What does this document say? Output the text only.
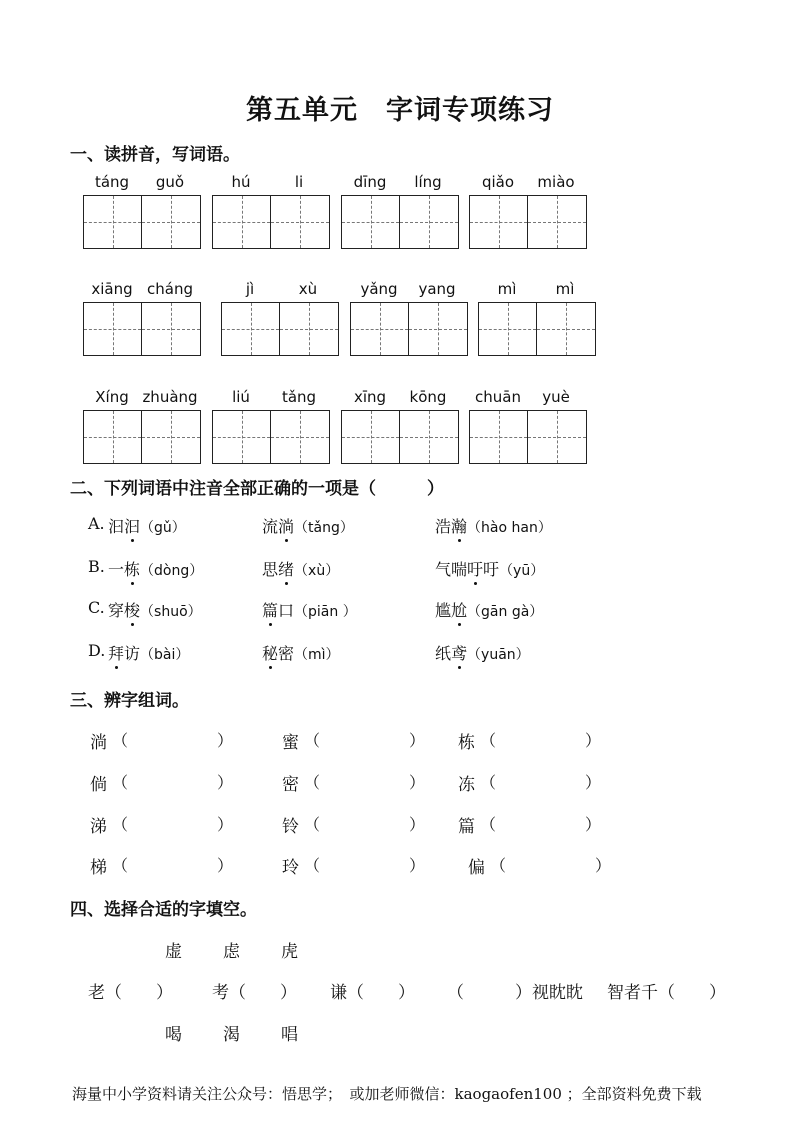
第五单元　字词专项练习
一、读拼音，写词语。
táng	guǒ	hú	li	dīng	líng	qiǎo	miào
xiāng cháng	jì	xù	yǎng	yang	mì	mì
Xíng zhuàng	liú	tǎng	xīng	kōng	chuān	yuè
二、下列词语中注音全部正确的一项是（　　　）
A. 汩汩（gǔ）	流淌（tǎng）	浩瀚（hào han）
B. 一栋（dòng）	思绪（xù）	气喘吁吁（yū）
C. 穿梭（shuō）	篇口（piān ）	尴尬（gān gà）
D. 拜访（bài）	秘密（mì）	纸鸢（yuān）
三、辨字组词。
淌 （	）	蜜 （	） 栋 （	）
倘 （	）	密 （	） 冻 （	）
涕 （	）	铃 （	） 篇 （	）
梯 （	）	玲 （	）	偏 （	）
四、选择合适的字填空。
虚 虑 虎
老（　　） 考（　　） 谦（　　） （　　　）视眈眈 智者千（　　）
喝 渴 唱
海量中小学资料请关注公众号：悟思学；　或加老师微信：kaogaofen100 ；全部资料免费下载
